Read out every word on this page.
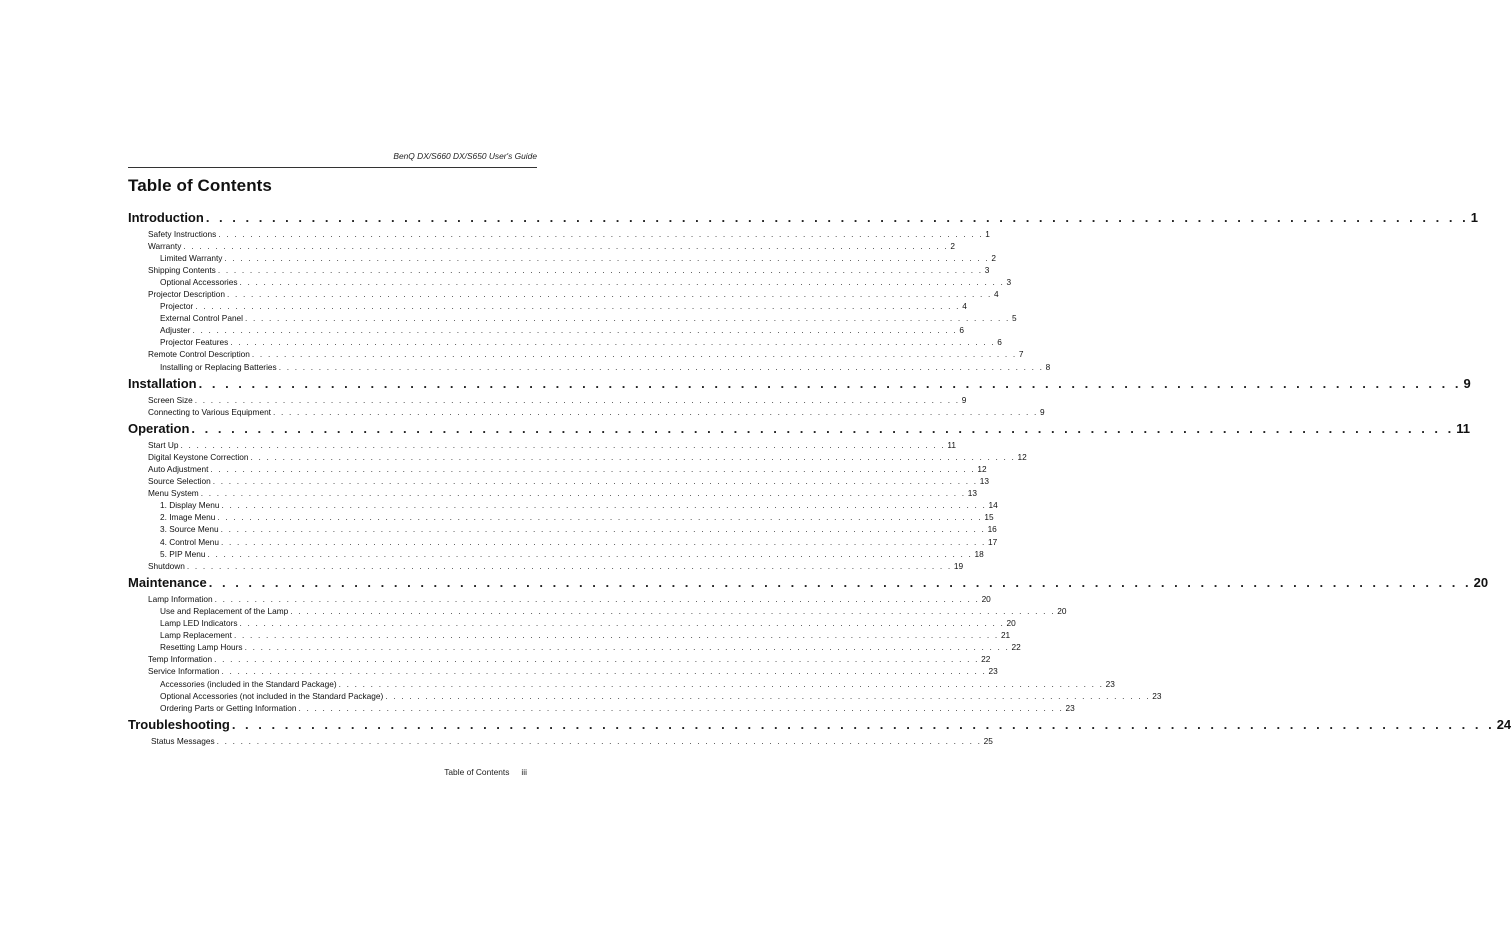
BenQ DX/S660 DX/S650 User's Guide
Table of Contents
Introduction . . . . . . . . . . . . . . . . . . . . . . . . . . . . . . . . . . . . . . . . . . . . . . . . . . . . . . . . . . . . . . . . . . . . . . . . . . . . . . . . . . . . . . . . . . . . . . . . 1
Safety Instructions . . . . . . . . . . . . . . . . . . . . . . . . . . . . . . . . . . . . . . . . . . . . . . . . . . . . . . . . . . . . . . . . . . . . . . . . . . . . . . . . . . . . . . . . . . . . . . . . 1
Warranty . . . . . . . . . . . . . . . . . . . . . . . . . . . . . . . . . . . . . . . . . . . . . . . . . . . . . . . . . . . . . . . . . . . . . . . . . . . . . . . . . . . . . . . . . . . . . . . . 2
Limited Warranty . . . . . . . . . . . . . . . . . . . . . . . . . . . . . . . . . . . . . . . . . . . . . . . . . . . . . . . . . . . . . . . . . . . . . . . . . . . . . . . . . . . . . . . . . . . . . . . . 2
Shipping Contents . . . . . . . . . . . . . . . . . . . . . . . . . . . . . . . . . . . . . . . . . . . . . . . . . . . . . . . . . . . . . . . . . . . . . . . . . . . . . . . . . . . . . . . . . . . . . . . . 3
Optional Accessories . . . . . . . . . . . . . . . . . . . . . . . . . . . . . . . . . . . . . . . . . . . . . . . . . . . . . . . . . . . . . . . . . . . . . . . . . . . . . . . . . . . . . . . . . . . . . . . . 3
Projector Description . . . . . . . . . . . . . . . . . . . . . . . . . . . . . . . . . . . . . . . . . . . . . . . . . . . . . . . . . . . . . . . . . . . . . . . . . . . . . . . . . . . . . . . . . . . . . . . . 4
Projector . . . . . . . . . . . . . . . . . . . . . . . . . . . . . . . . . . . . . . . . . . . . . . . . . . . . . . . . . . . . . . . . . . . . . . . . . . . . . . . . . . . . . . . . . . . . . . . . 4
External Control Panel . . . . . . . . . . . . . . . . . . . . . . . . . . . . . . . . . . . . . . . . . . . . . . . . . . . . . . . . . . . . . . . . . . . . . . . . . . . . . . . . . . . . . . . . . . . . . . . . 5
Adjuster . . . . . . . . . . . . . . . . . . . . . . . . . . . . . . . . . . . . . . . . . . . . . . . . . . . . . . . . . . . . . . . . . . . . . . . . . . . . . . . . . . . . . . . . . . . . . . . . 6
Projector Features . . . . . . . . . . . . . . . . . . . . . . . . . . . . . . . . . . . . . . . . . . . . . . . . . . . . . . . . . . . . . . . . . . . . . . . . . . . . . . . . . . . . . . . . . . . . . . . . 6
Remote Control Description . . . . . . . . . . . . . . . . . . . . . . . . . . . . . . . . . . . . . . . . . . . . . . . . . . . . . . . . . . . . . . . . . . . . . . . . . . . . . . . . . . . . . . . . . . . . . . . . 7
Installing or Replacing Batteries . . . . . . . . . . . . . . . . . . . . . . . . . . . . . . . . . . . . . . . . . . . . . . . . . . . . . . . . . . . . . . . . . . . . . . . . . . . . . . . . . . . . . . . . . . . . . . . . 8
Installation . . . . . . . . . . . . . . . . . . . . . . . . . . . . . . . . . . . . . . . . . . . . . . . . . . . . . . . . . . . . . . . . . . . . . . . . . . . . . . . . . . . . . . . . . . . . . . . . 9
Screen Size . . . . . . . . . . . . . . . . . . . . . . . . . . . . . . . . . . . . . . . . . . . . . . . . . . . . . . . . . . . . . . . . . . . . . . . . . . . . . . . . . . . . . . . . . . . . . . . . 9
Connecting to Various Equipment . . . . . . . . . . . . . . . . . . . . . . . . . . . . . . . . . . . . . . . . . . . . . . . . . . . . . . . . . . . . . . . . . . . . . . . . . . . . . . . . . . . . . . . . . . . . . . . . 9
Operation . . . . . . . . . . . . . . . . . . . . . . . . . . . . . . . . . . . . . . . . . . . . . . . . . . . . . . . . . . . . . . . . . . . . . . . . . . . . . . . . . . . . . . . . . . . . . . . . 11
Start Up . . . . . . . . . . . . . . . . . . . . . . . . . . . . . . . . . . . . . . . . . . . . . . . . . . . . . . . . . . . . . . . . . . . . . . . . . . . . . . . . . . . . . . . . . . . . . . . . 11
Digital Keystone Correction . . . . . . . . . . . . . . . . . . . . . . . . . . . . . . . . . . . . . . . . . . . . . . . . . . . . . . . . . . . . . . . . . . . . . . . . . . . . . . . . . . . . . . . . . . . . . . . . 12
Auto Adjustment . . . . . . . . . . . . . . . . . . . . . . . . . . . . . . . . . . . . . . . . . . . . . . . . . . . . . . . . . . . . . . . . . . . . . . . . . . . . . . . . . . . . . . . . . . . . . . . . 12
Source Selection . . . . . . . . . . . . . . . . . . . . . . . . . . . . . . . . . . . . . . . . . . . . . . . . . . . . . . . . . . . . . . . . . . . . . . . . . . . . . . . . . . . . . . . . . . . . . . . . 13
Menu System . . . . . . . . . . . . . . . . . . . . . . . . . . . . . . . . . . . . . . . . . . . . . . . . . . . . . . . . . . . . . . . . . . . . . . . . . . . . . . . . . . . . . . . . . . . . . . . . 13
1. Display Menu . . . . . . . . . . . . . . . . . . . . . . . . . . . . . . . . . . . . . . . . . . . . . . . . . . . . . . . . . . . . . . . . . . . . . . . . . . . . . . . . . . . . . . . . . . . . . . . . 14
2. Image Menu . . . . . . . . . . . . . . . . . . . . . . . . . . . . . . . . . . . . . . . . . . . . . . . . . . . . . . . . . . . . . . . . . . . . . . . . . . . . . . . . . . . . . . . . . . . . . . . . 15
3. Source Menu . . . . . . . . . . . . . . . . . . . . . . . . . . . . . . . . . . . . . . . . . . . . . . . . . . . . . . . . . . . . . . . . . . . . . . . . . . . . . . . . . . . . . . . . . . . . . . . . 16
4. Control Menu . . . . . . . . . . . . . . . . . . . . . . . . . . . . . . . . . . . . . . . . . . . . . . . . . . . . . . . . . . . . . . . . . . . . . . . . . . . . . . . . . . . . . . . . . . . . . . . . 17
5. PIP Menu . . . . . . . . . . . . . . . . . . . . . . . . . . . . . . . . . . . . . . . . . . . . . . . . . . . . . . . . . . . . . . . . . . . . . . . . . . . . . . . . . . . . . . . . . . . . . . . . 18
Shutdown . . . . . . . . . . . . . . . . . . . . . . . . . . . . . . . . . . . . . . . . . . . . . . . . . . . . . . . . . . . . . . . . . . . . . . . . . . . . . . . . . . . . . . . . . . . . . . . . 19
Maintenance . . . . . . . . . . . . . . . . . . . . . . . . . . . . . . . . . . . . . . . . . . . . . . . . . . . . . . . . . . . . . . . . . . . . . . . . . . . . . . . . . . . . . . . . . . . . . . . . 20
Lamp Information . . . . . . . . . . . . . . . . . . . . . . . . . . . . . . . . . . . . . . . . . . . . . . . . . . . . . . . . . . . . . . . . . . . . . . . . . . . . . . . . . . . . . . . . . . . . . . . . 20
Use and Replacement of the Lamp . . . . . . . . . . . . . . . . . . . . . . . . . . . . . . . . . . . . . . . . . . . . . . . . . . . . . . . . . . . . . . . . . . . . . . . . . . . . . . . . . . . . . . . . . . . . . . . . 20
Lamp LED Indicators . . . . . . . . . . . . . . . . . . . . . . . . . . . . . . . . . . . . . . . . . . . . . . . . . . . . . . . . . . . . . . . . . . . . . . . . . . . . . . . . . . . . . . . . . . . . . . . . 20
Lamp Replacement . . . . . . . . . . . . . . . . . . . . . . . . . . . . . . . . . . . . . . . . . . . . . . . . . . . . . . . . . . . . . . . . . . . . . . . . . . . . . . . . . . . . . . . . . . . . . . . . 21
Resetting Lamp Hours . . . . . . . . . . . . . . . . . . . . . . . . . . . . . . . . . . . . . . . . . . . . . . . . . . . . . . . . . . . . . . . . . . . . . . . . . . . . . . . . . . . . . . . . . . . . . . . . 22
Temp Information . . . . . . . . . . . . . . . . . . . . . . . . . . . . . . . . . . . . . . . . . . . . . . . . . . . . . . . . . . . . . . . . . . . . . . . . . . . . . . . . . . . . . . . . . . . . . . . . 22
Service Information . . . . . . . . . . . . . . . . . . . . . . . . . . . . . . . . . . . . . . . . . . . . . . . . . . . . . . . . . . . . . . . . . . . . . . . . . . . . . . . . . . . . . . . . . . . . . . . . 23
Accessories (included in the Standard Package) . . . . . . . . . . . . . . . . . . . . . . . . . . . . . . . . . . . . . . . . . . . . . . . . . . . . . . . . . . . . . . . . . . . . . . . . . . . . . . . . . . . . . . . . . . . . . . . . 23
Optional Accessories (not included in the Standard Package) . . . . . . . . . . . . . . . . . . . . . . . . . . . . . . . . . . . . . . . . . . . . . . . . . . . . . . . . . . . . . . . . . . . . . . . . . . . . . . . . . . . . . . . . . . . . . . . . 23
Ordering Parts or Getting Information . . . . . . . . . . . . . . . . . . . . . . . . . . . . . . . . . . . . . . . . . . . . . . . . . . . . . . . . . . . . . . . . . . . . . . . . . . . . . . . . . . . . . . . . . . . . . . . . 23
Troubleshooting . . . . . . . . . . . . . . . . . . . . . . . . . . . . . . . . . . . . . . . . . . . . . . . . . . . . . . . . . . . . . . . . . . . . . . . . . . . . . . . . . . . . . . . . . . . . . . . . 24
Status Messages . . . . . . . . . . . . . . . . . . . . . . . . . . . . . . . . . . . . . . . . . . . . . . . . . . . . . . . . . . . . . . . . . . . . . . . . . . . . . . . . . . . . . . . . . . . . . . . . 25
Table of Contents iii
